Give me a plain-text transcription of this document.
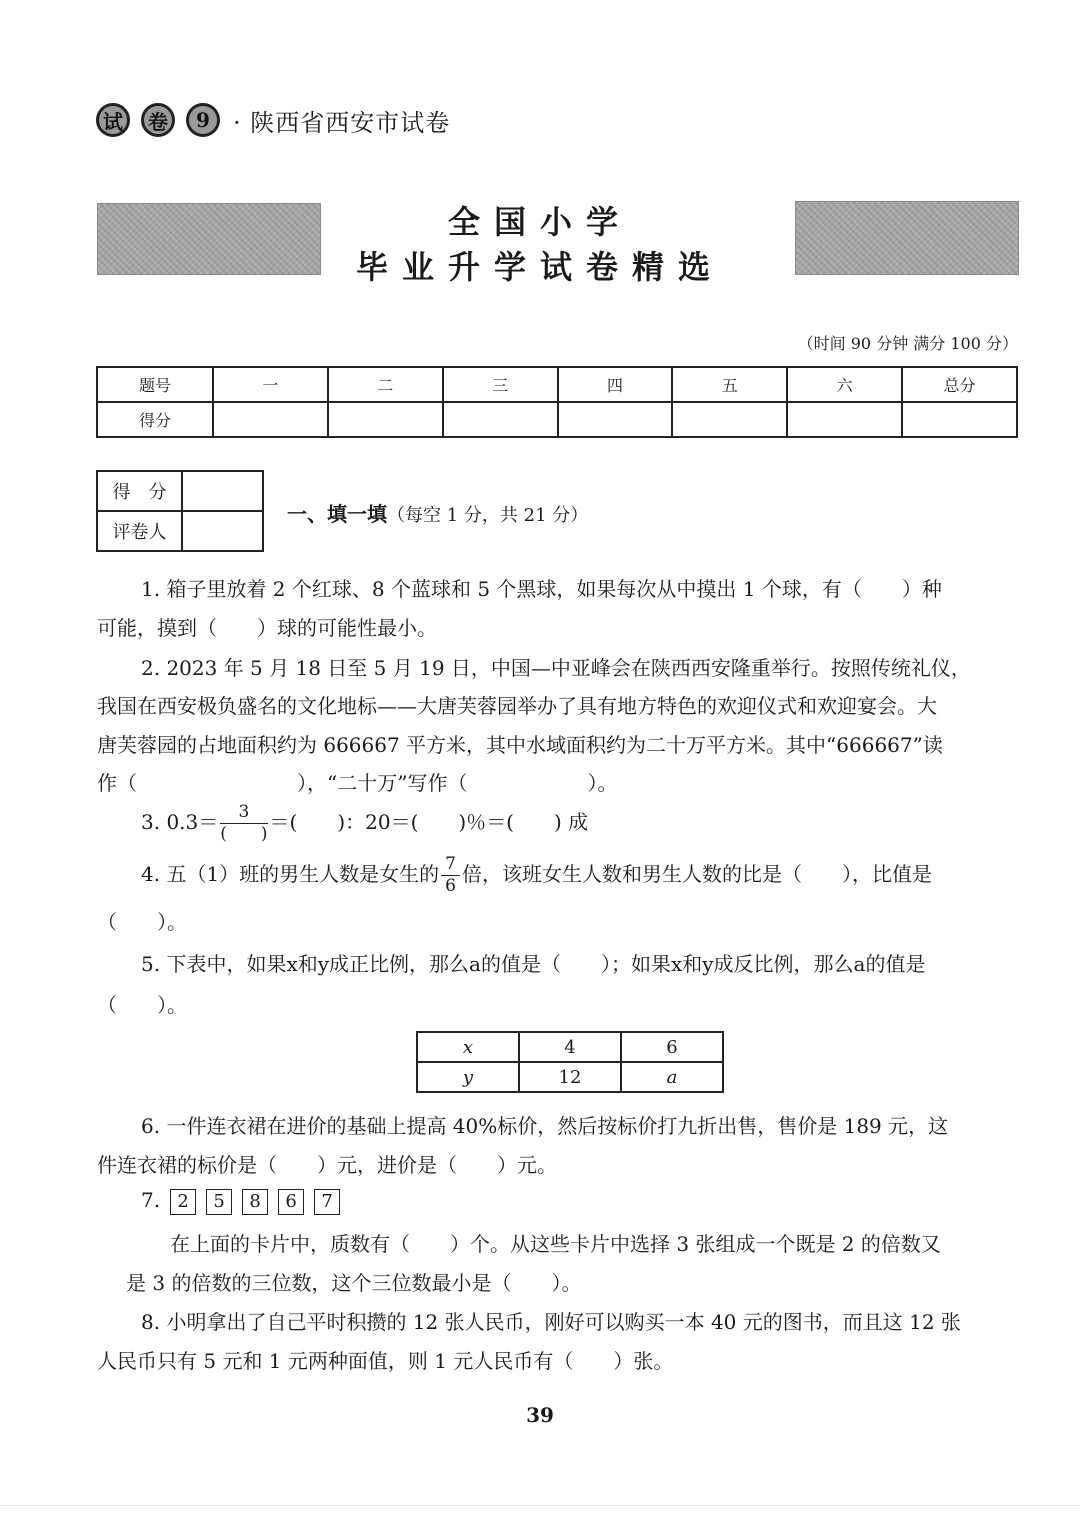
试	卷	9 · 陕西省西安市试卷
全国小学
毕业升学试卷精选
（时间 90 分钟 满分 100 分）
题号	一	二	三	四	五	六	总分
得分							
得　分	
评卷人	
一、填一填（每空 1 分，共 21 分）
1. 箱子里放着 2 个红球、8 个蓝球和 5 个黑球，如果每次从中摸出 1 个球，有（　　）种
可能，摸到（　　）球的可能性最小。
2. 2023 年 5 月 18 日至 5 月 19 日，中国—中亚峰会在陕西西安隆重举行。按照传统礼仪，
我国在西安极负盛名的文化地标——大唐芙蓉园举办了具有地方特色的欢迎仪式和欢迎宴会。大
唐芙蓉园的占地面积约为 666667 平方米，其中水域面积约为二十万平方米。其中“666667”读
作（　　　　　　　　），“二十万”写作（　　　　　　）。
3. $0.3= \frac{3}{( )}$ ＝(　　)：20＝(　　)％＝(　　) 成
4. 五（1）班的男生人数是女生的 $\frac{7}{6}$ 倍，该班女生人数和男生人数的比是（　　），比值是
（　　）。
5. 下表中，如果x和y成正比例，那么a的值是（　　）；如果x和y成反比例，那么a的值是
（　　）。
x	4	6
y	12	a
6. 一件连衣裙在进价的基础上提高 40%标价，然后按标价打九折出售，售价是 189 元，这
件连衣裙的标价是（　　）元，进价是（　　）元。
7. 2 5 8 6 7
在上面的卡片中，质数有（　　）个。从这些卡片中选择 3 张组成一个既是 2 的倍数又
是 3 的倍数的三位数，这个三位数最小是（　　）。
8. 小明拿出了自己平时积攒的 12 张人民币，刚好可以购买一本 40 元的图书，而且这 12 张
人民币只有 5 元和 1 元两种面值，则 1 元人民币有（　　）张。
39
